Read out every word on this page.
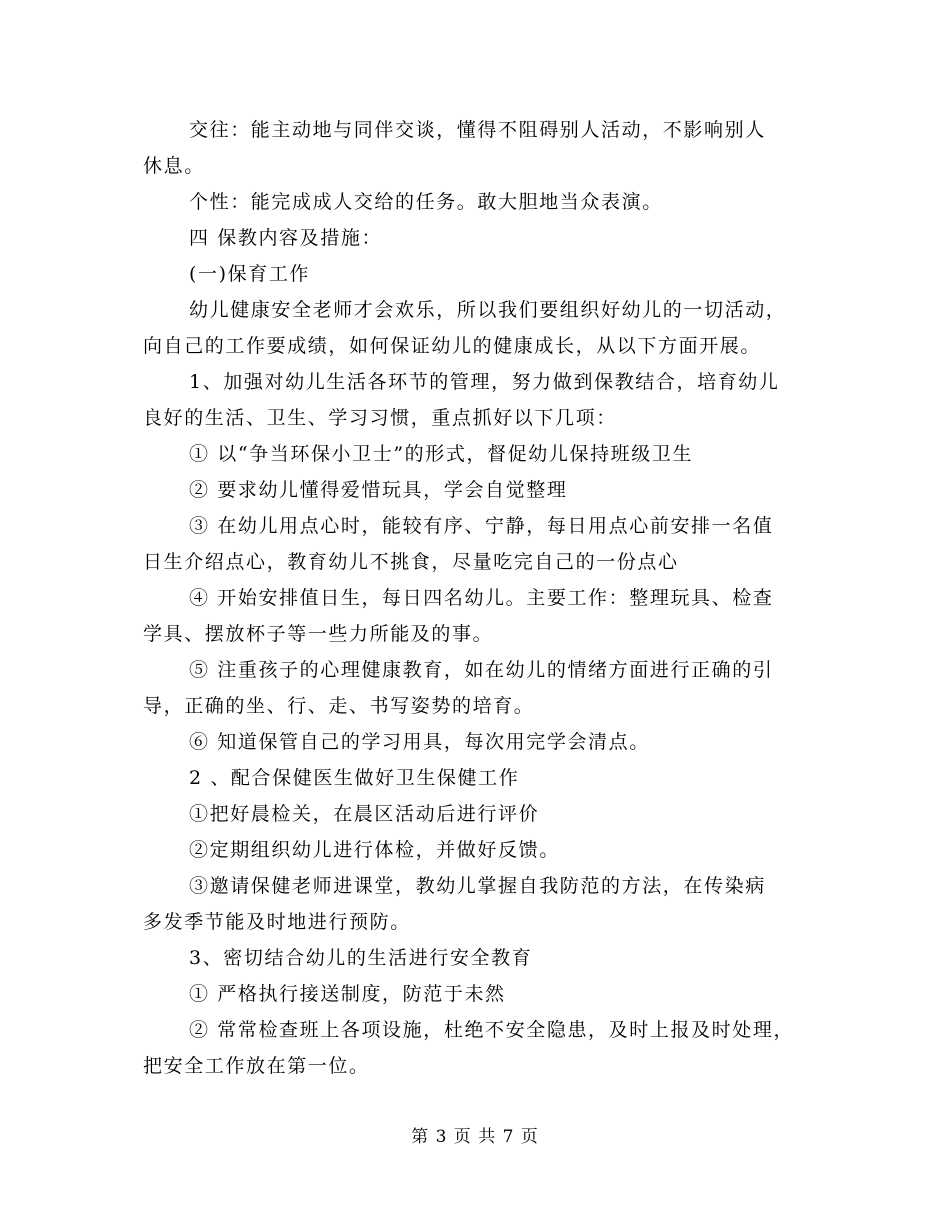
交往：能主动地与同伴交谈，懂得不阻碍别人活动，不影响别人

休息。

个性：能完成成人交给的任务。敢大胆地当众表演。

四 保教内容及措施：

(一)保育工作

幼儿健康安全老师才会欢乐，所以我们要组织好幼儿的一切活动，

向自己的工作要成绩，如何保证幼儿的健康成长，从以下方面开展。

1、加强对幼儿生活各环节的管理，努力做到保教结合，培育幼儿

良好的生活、卫生、学习习惯，重点抓好以下几项：

① 以“争当环保小卫士”的形式，督促幼儿保持班级卫生

② 要求幼儿懂得爱惜玩具，学会自觉整理

③ 在幼儿用点心时，能较有序、宁静，每日用点心前安排一名值

日生介绍点心，教育幼儿不挑食，尽量吃完自己的一份点心

④ 开始安排值日生，每日四名幼儿。主要工作：整理玩具、检查

学具、摆放杯子等一些力所能及的事。

⑤ 注重孩子的心理健康教育，如在幼儿的情绪方面进行正确的引

导，正确的坐、行、走、书写姿势的培育。

⑥ 知道保管自己的学习用具，每次用完学会清点。

2 、配合保健医生做好卫生保健工作

①把好晨检关，在晨区活动后进行评价

②定期组织幼儿进行体检，并做好反馈。

③邀请保健老师进课堂，教幼儿掌握自我防范的方法，在传染病

多发季节能及时地进行预防。

3、密切结合幼儿的生活进行安全教育

① 严格执行接送制度，防范于未然

② 常常检查班上各项设施，杜绝不安全隐患，及时上报及时处理，

把安全工作放在第一位。

第 3 页 共 7 页
